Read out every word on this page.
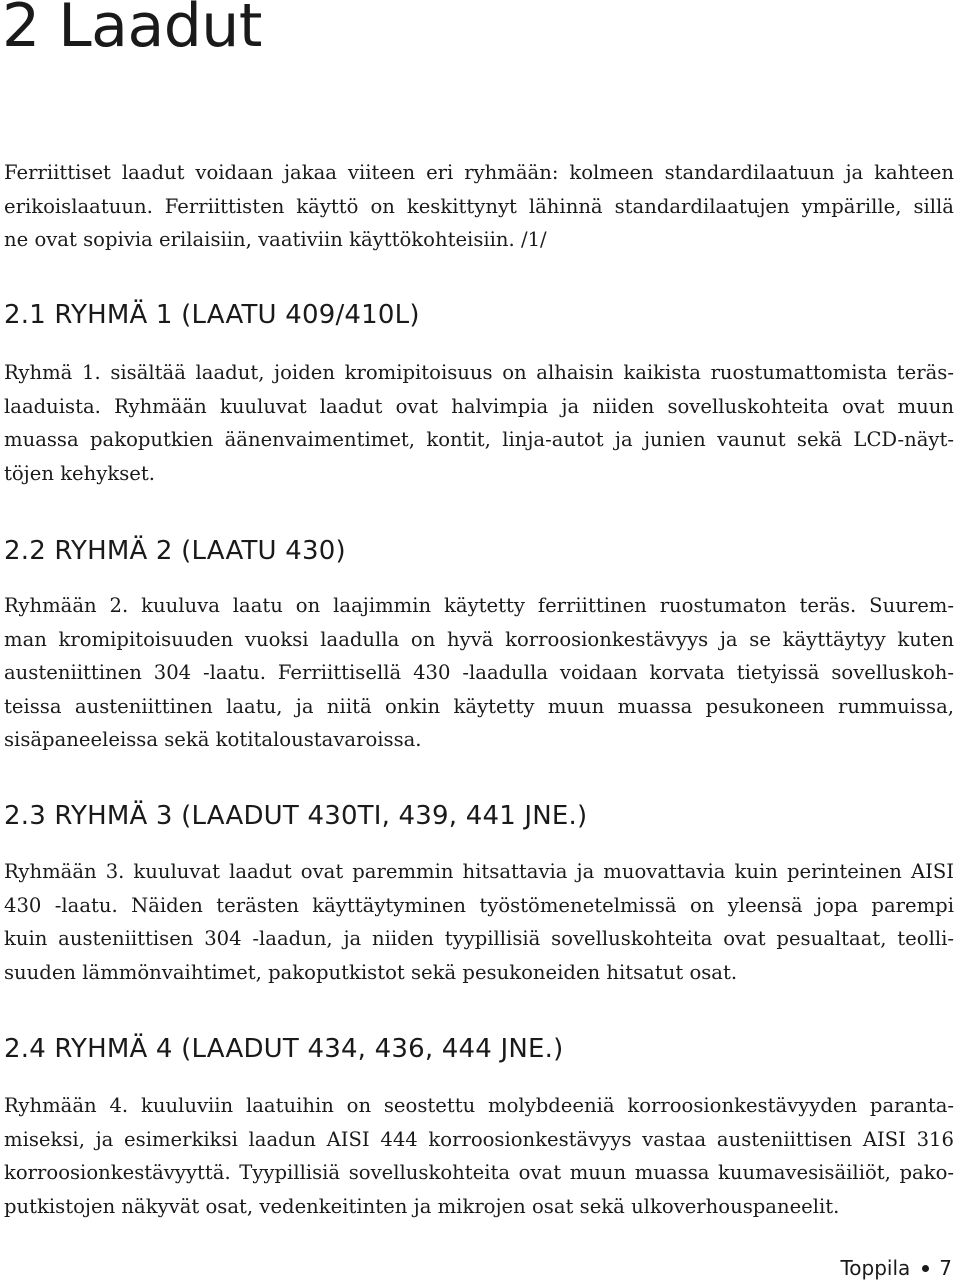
2 Laadut

Ferriittiset laadut voidaan jakaa viiteen eri ryhmään: kolmeen standardilaatuun ja kahteen
erikoislaatuun. Ferriittisten käyttö on keskittynyt lähinnä standardilaatujen ympärille, sillä
ne ovat sopivia erilaisiin, vaativiin käyttökohteisiin. /1/

2.1 RYHMÄ 1 (LAATU 409/410L)

Ryhmä 1. sisältää laadut, joiden kromipitoisuus on alhaisin kaikista ruostumattomista teräs-
laaduista. Ryhmään kuuluvat laadut ovat halvimpia ja niiden sovelluskohteita ovat muun
muassa pakoputkien äänenvaimentimet, kontit, linja-autot ja junien vaunut sekä LCD-näyt-
töjen kehykset.

2.2 RYHMÄ 2 (LAATU 430)

Ryhmään 2. kuuluva laatu on laajimmin käytetty ferriittinen ruostumaton teräs. Suurem-
man kromipitoisuuden vuoksi laadulla on hyvä korroosionkestävyys ja se käyttäytyy kuten
austeniittinen 304 -laatu. Ferriittisellä 430 -laadulla voidaan korvata tietyissä sovelluskoh-
teissa austeniittinen laatu, ja niitä onkin käytetty muun muassa pesukoneen rummuissa,
sisäpaneeleissa sekä kotitaloustavaroissa.

2.3 RYHMÄ 3 (LAADUT 430TI, 439, 441 JNE.)

Ryhmään 3. kuuluvat laadut ovat paremmin hitsattavia ja muovattavia kuin perinteinen AISI
430 -laatu. Näiden terästen käyttäytyminen työstömenetelmissä on yleensä jopa parempi
kuin austeniittisen 304 -laadun, ja niiden tyypillisiä sovelluskohteita ovat pesualtaat, teolli-
suuden lämmönvaihtimet, pakoputkistot sekä pesukoneiden hitsatut osat.

2.4 RYHMÄ 4 (LAADUT 434, 436, 444 JNE.)

Ryhmään 4. kuuluviin laatuihin on seostettu molybdeeniä korroosionkestävyyden paranta-
miseksi, ja esimerkiksi laadun AISI 444 korroosionkestävyys vastaa austeniittisen AISI 316
korroosionkestävyyttä. Tyypillisiä sovelluskohteita ovat muun muassa kuumavesisäiliöt, pako-
putkistojen näkyvät osat, vedenkeitinten ja mikrojen osat sekä ulkoverhouspaneelit.

Toppila 7
